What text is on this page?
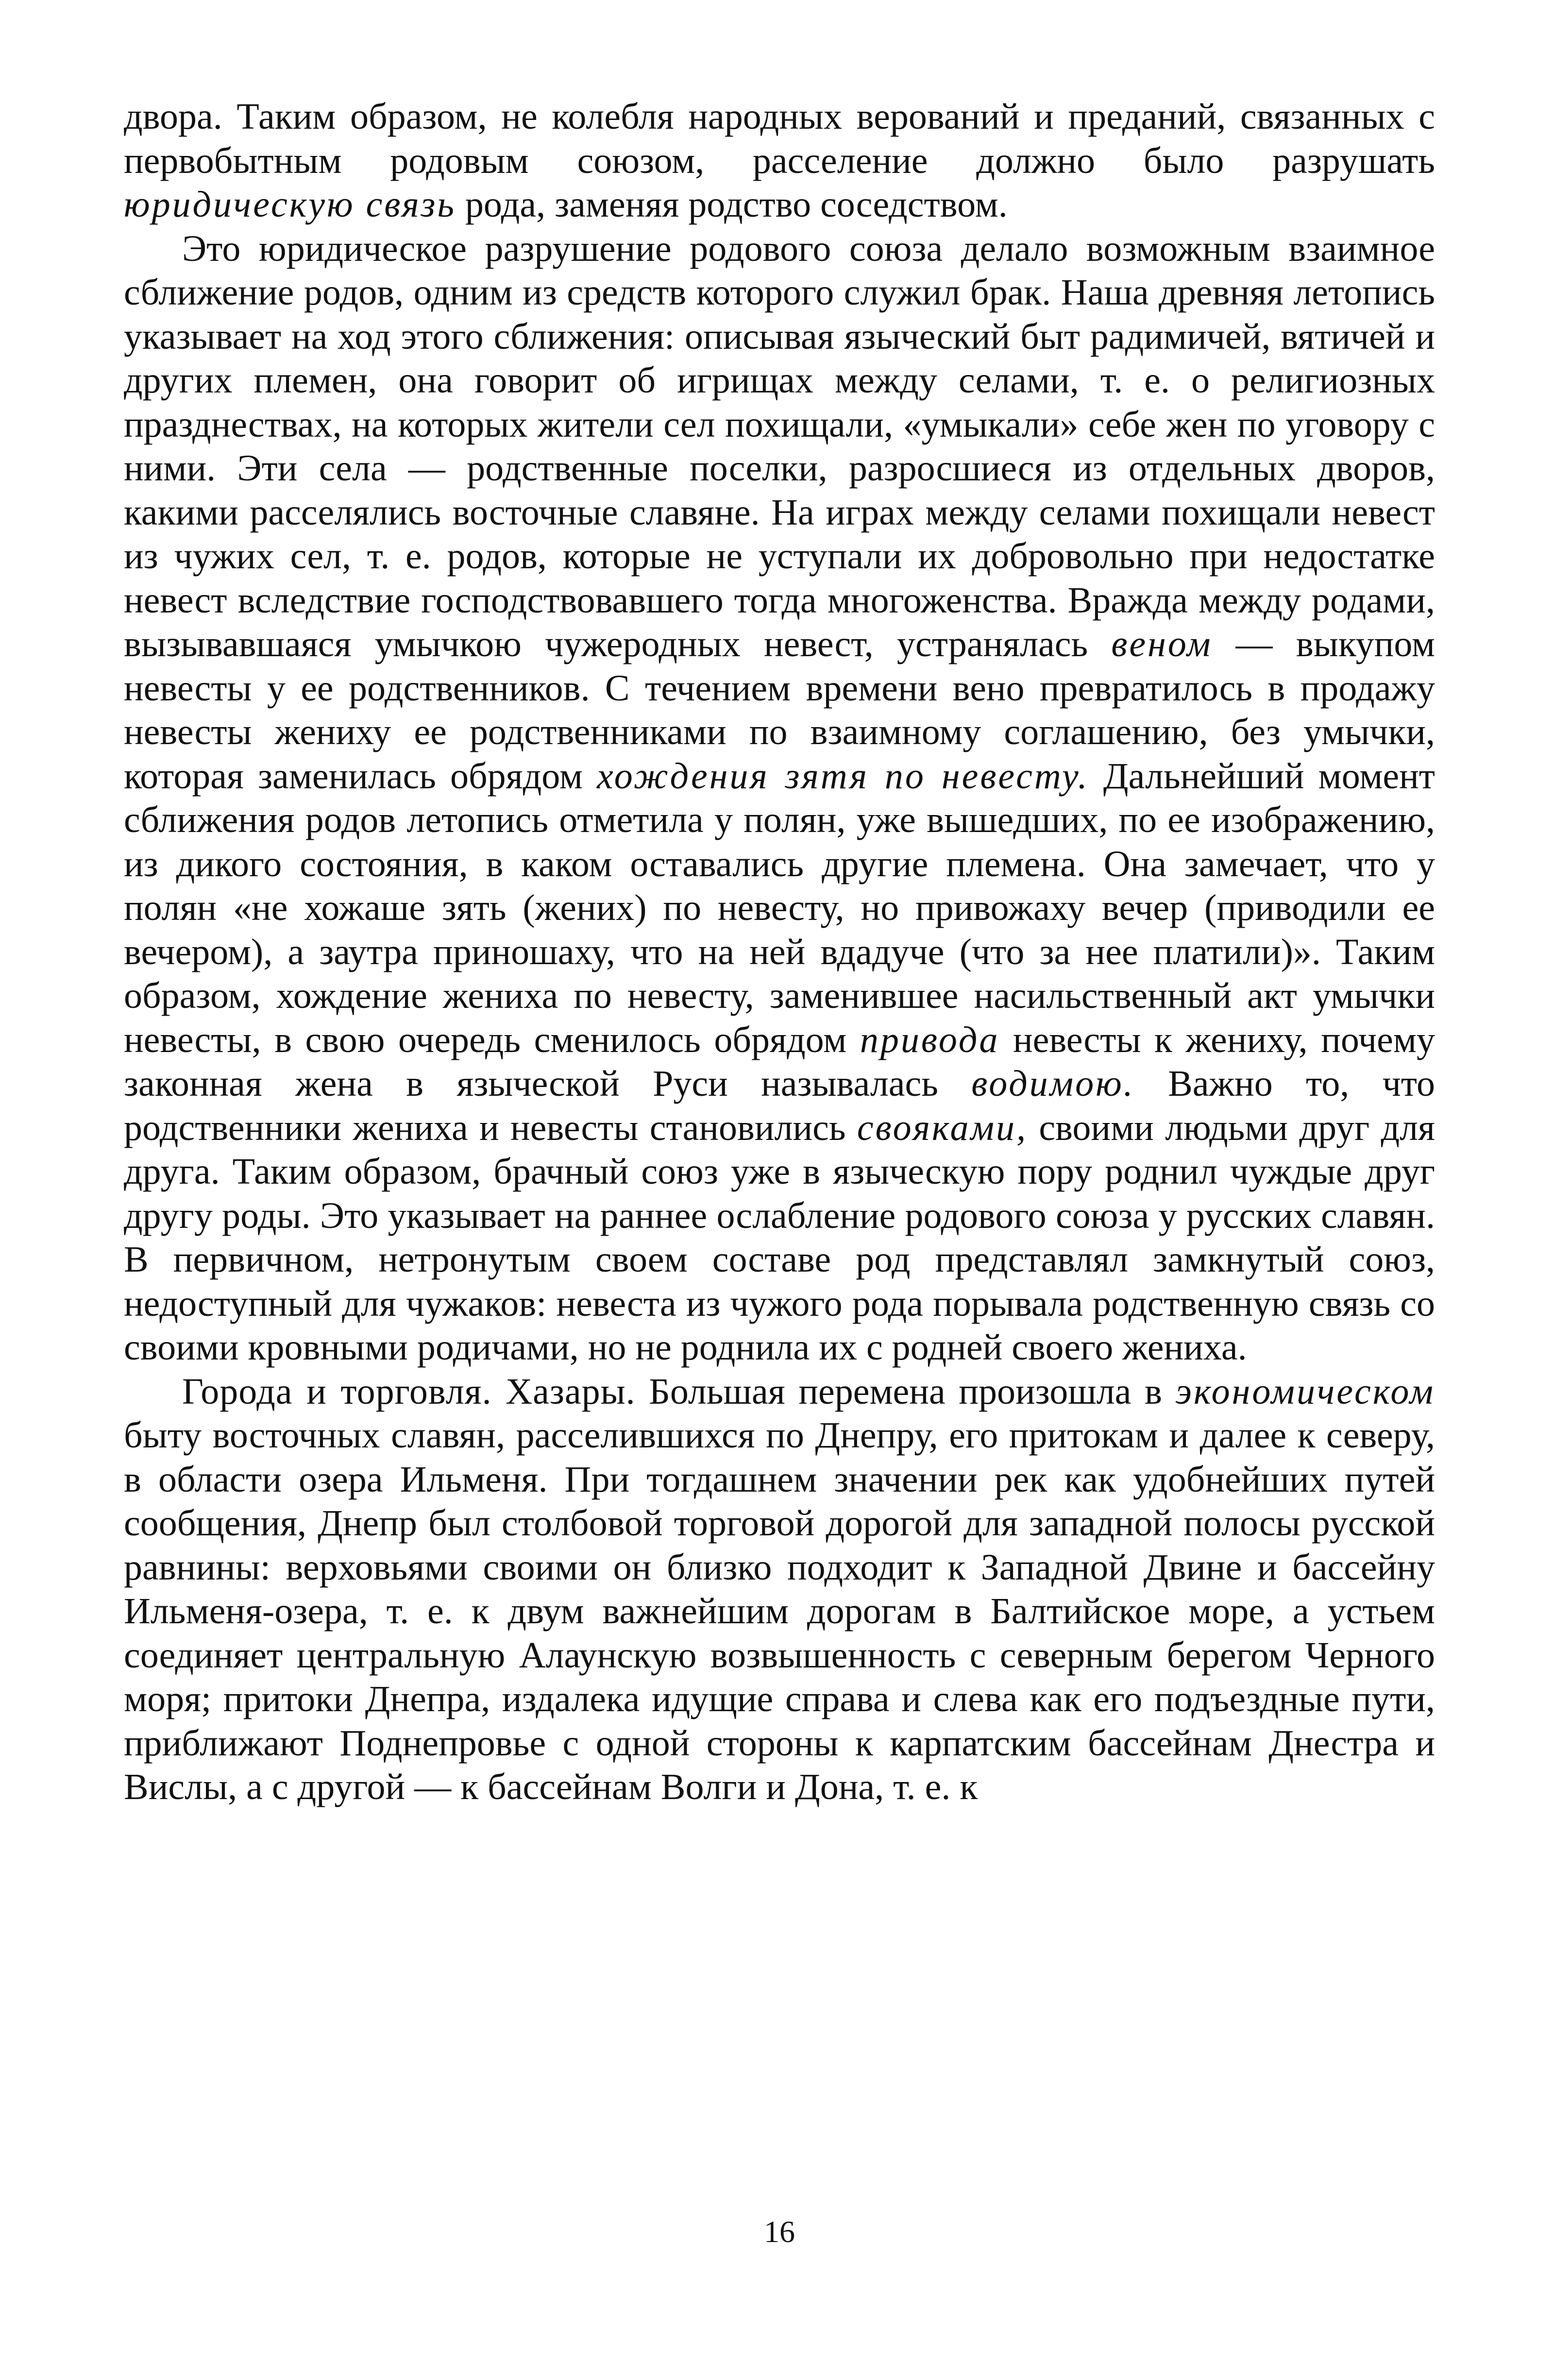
двора. Таким образом, не колебля народных верований и преданий, связанных с первобытным родовым союзом, расселение должно было разрушать юридическую связь рода, заменяя родство соседством.

Это юридическое разрушение родового союза делало возможным взаимное сближение родов, одним из средств которого служил брак. Наша древняя летопись указывает на ход этого сближения: описывая языческий быт радимичей, вятичей и других племен, она говорит об игрищах между селами, т. е. о религиозных празднествах, на которых жители сел похищали, «умыкали» себе жен по уговору с ними. Эти села — родственные поселки, разросшиеся из отдельных дворов, какими расселялись восточные славяне. На играх между селами похищали невест из чужих сел, т. е. родов, которые не уступали их добровольно при недостатке невест вследствие господствовавшего тогда многоженства. Вражда между родами, вызывавшаяся умычкою чужеродных невест, устранялась веном — выкупом невесты у ее родственников. С течением времени вено превратилось в продажу невесты жениху ее родственниками по взаимному соглашению, без умычки, которая заменилась обрядом хождения зятя по невесту. Дальнейший момент сближения родов летопись отметила у полян, уже вышедших, по ее изображению, из дикого состояния, в каком оставались другие племена. Она замечает, что у полян «не хожаше зять (жених) по невесту, но привожаху вечер (приводили ее вечером), а заутра приношаху, что на ней вдадуче (что за нее платили)». Таким образом, хождение жениха по невесту, заменившее насильственный акт умычки невесты, в свою очередь сменилось обрядом привода невесты к жениху, почему законная жена в языческой Руси называлась водимою. Важно то, что родственники жениха и невесты становились свояками, своими людьми друг для друга. Таким образом, брачный союз уже в языческую пору роднил чуждые друг другу роды. Это указывает на раннее ослабление родового союза у русских славян. В первичном, нетронутым своем составе род представлял замкнутый союз, недоступный для чужаков: невеста из чужого рода порывала родственную связь со своими кровными родичами, но не роднила их с родней своего жениха.

Города и торговля. Хазары. Большая перемена произошла в экономическом быту восточных славян, расселившихся по Днепру, его притокам и далее к северу, в области озера Ильменя. При тогдашнем значении рек как удобнейших путей сообщения, Днепр был столбовой торговой дорогой для западной полосы русской равнины: верховьями своими он близко подходит к Западной Двине и бассейну Ильменя-озера, т. е. к двум важнейшим дорогам в Балтийское море, а устьем соединяет центральную Алаунскую возвышенность с северным берегом Черного моря; притоки Днепра, издалека идущие справа и слева как его подъездные пути, приближают Поднепровье с одной стороны к карпатским бассейнам Днестра и Вислы, а с другой — к бассейнам Волги и Дона, т. е. к

16
